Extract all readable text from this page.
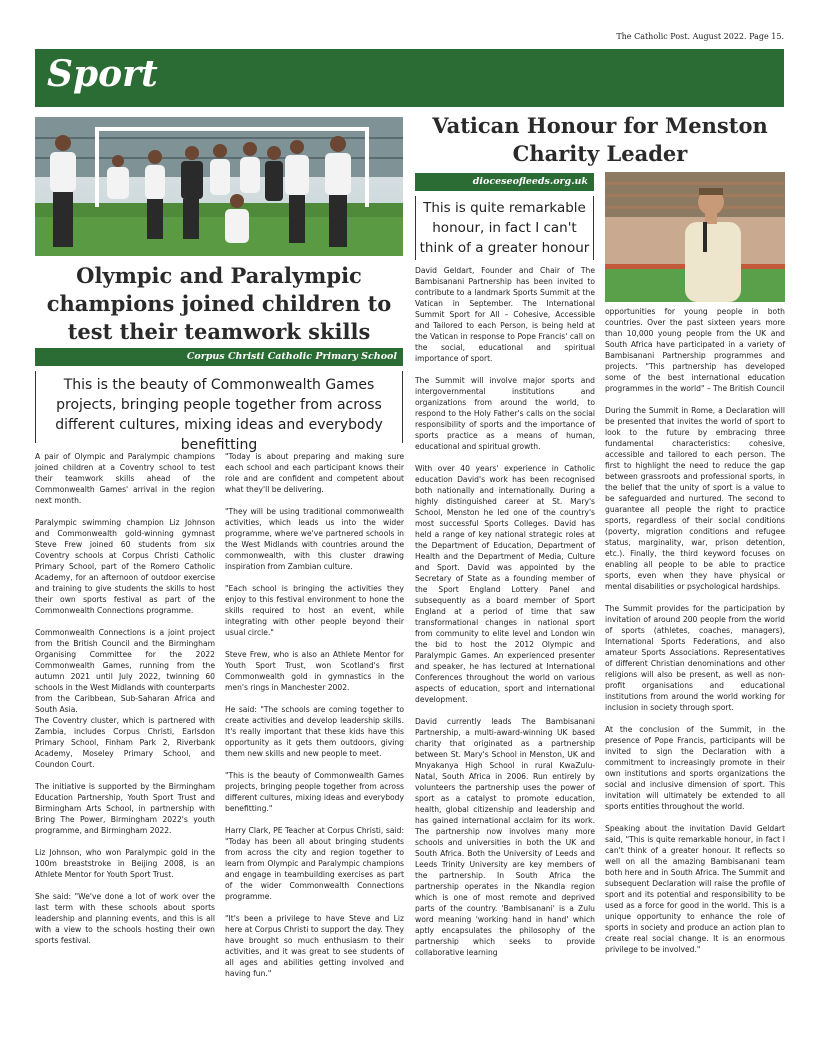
The Catholic Post. August 2022. Page 15.
Sport
Olympic and Paralympic champions joined children to test their teamwork skills
Corpus Christi Catholic Primary School
This is the beauty of Commonwealth Games projects, bringing people together from across different cultures, mixing ideas and everybody benefitting

A pair of Olympic and Paralympic champions joined children at a Coventry school to test their teamwork skills ahead of the Commonwealth Games' arrival in the region next month.

Paralympic swimming champion Liz Johnson and Commonwealth gold-winning gymnast Steve Frew joined 60 students from six Coventry schools at Corpus Christi Catholic Primary School, part of the Romero Catholic Academy, for an afternoon of outdoor exercise and training to give students the skills to host their own sports festival as part of the Commonwealth Connections programme.

Commonwealth Connections is a joint project from the British Council and the Birmingham Organising Committee for the 2022 Commonwealth Games, running from the autumn 2021 until July 2022, twinning 60 schools in the West Midlands with counterparts from the Caribbean, Sub-Saharan Africa and South Asia.

The Coventry cluster, which is partnered with Zambia, includes Corpus Christi, Earlsdon Primary School, Finham Park 2, Riverbank Academy, Moseley Primary School, and Coundon Court.

The initiative is supported by the Birmingham Education Partnership, Youth Sport Trust and Birmingham Arts School, in partnership with Bring The Power, Birmingham 2022's youth programme, and Birmingham 2022.

Liz Johnson, who won Paralympic gold in the 100m breaststroke in Beijing 2008, is an Athlete Mentor for Youth Sport Trust.

She said: "We've done a lot of work over the last term with these schools about sports leadership and planning events, and this is all with a view to the schools hosting their own sports festival.

"Today is about preparing and making sure each school and each participant knows their role and are confident and competent about what they'll be delivering.

"They will be using traditional commonwealth activities, which leads us into the wider programme, where we've partnered schools in the West Midlands with countries around the commonwealth, with this cluster drawing inspiration from Zambian culture.

"Each school is bringing the activities they enjoy to this festival environment to hone the skills required to host an event, while integrating with other people beyond their usual circle."

Steve Frew, who is also an Athlete Mentor for Youth Sport Trust, won Scotland's first Commonwealth gold in gymnastics in the men's rings in Manchester 2002.

He said: "The schools are coming together to create activities and develop leadership skills. It's really important that these kids have this opportunity as it gets them outdoors, giving them new skills and new people to meet.

"This is the beauty of Commonwealth Games projects, bringing people together from across different cultures, mixing ideas and everybody benefitting."

Harry Clark, PE Teacher at Corpus Christi, said: "Today has been all about bringing students from across the city and region together to learn from Olympic and Paralympic champions and engage in teambuilding exercises as part of the wider Commonwealth Connections programme.

"It's been a privilege to have Steve and Liz here at Corpus Christi to support the day. They have brought so much enthusiasm to their activities, and it was great to see students of all ages and abilities getting involved and having fun."

Vatican Honour for Menston Charity Leader
dioceseofleeds.org.uk
This is quite remarkable honour, in fact I can't think of a greater honour

David Geldart, Founder and Chair of The Bambisanani Partnership has been invited to contribute to a landmark Sports Summit at the Vatican in September. The International Summit Sport for All – Cohesive, Accessible and Tailored to each Person, is being held at the Vatican in response to Pope Francis' call on the social, educational and spiritual importance of sport.

The Summit will involve major sports and intergovernmental institutions and organizations from around the world, to respond to the Holy Father's calls on the social responsibility of sports and the importance of sports practice as a means of human, educational and spiritual growth.

With over 40 years' experience in Catholic education David's work has been recognised both nationally and internationally. During a highly distinguished career at St. Mary's School, Menston he led one of the country's most successful Sports Colleges. David has held a range of key national strategic roles at the Department of Education, Department of Health and the Department of Media, Culture and Sport. David was appointed by the Secretary of State as a founding member of the Sport England Lottery Panel and subsequently as a board member of Sport England at a period of time that saw transformational changes in national sport from community to elite level and London win the bid to host the 2012 Olympic and Paralympic Games. An experienced presenter and speaker, he has lectured at International Conferences throughout the world on various aspects of education, sport and international development.

David currently leads The Bambisanani Partnership, a multi-award-winning UK based charity that originated as a partnership between St. Mary's School in Menston, UK and Mnyakanya High School in rural KwaZulu-Natal, South Africa in 2006. Run entirely by volunteers the partnership uses the power of sport as a catalyst to promote education, health, global citizenship and leadership and has gained international acclaim for its work. The partnership now involves many more schools and universities in both the UK and South Africa. Both the University of Leeds and Leeds Trinity University are key members of the partnership. In South Africa the partnership operates in the Nkandla region which is one of most remote and deprived parts of the country. 'Bambisanani' is a Zulu word meaning 'working hand in hand' which aptly encapsulates the philosophy of the partnership which seeks to provide collaborative learning

opportunities for young people in both countries. Over the past sixteen years more than 10,000 young people from the UK and South Africa have participated in a variety of Bambisanani Partnership programmes and projects. "This partnership has developed some of the best international education programmes in the world" – The British Council

During the Summit in Rome, a Declaration will be presented that invites the world of sport to look to the future by embracing three fundamental characteristics: cohesive, accessible and tailored to each person. The first to highlight the need to reduce the gap between grassroots and professional sports, in the belief that the unity of sport is a value to be safeguarded and nurtured. The second to guarantee all people the right to practice sports, regardless of their social conditions (poverty, migration conditions and refugee status, marginality, war, prison detention, etc.). Finally, the third keyword focuses on enabling all people to be able to practice sports, even when they have physical or mental disabilities or psychological hardships.

The Summit provides for the participation by invitation of around 200 people from the world of sports (athletes, coaches, managers), International Sports Federations, and also amateur Sports Associations. Representatives of different Christian denominations and other religions will also be present, as well as non-profit organisations and educational institutions from around the world working for inclusion in society through sport.

At the conclusion of the Summit, in the presence of Pope Francis, participants will be invited to sign the Declaration with a commitment to increasingly promote in their own institutions and sports organizations the social and inclusive dimension of sport. This invitation will ultimately be extended to all sports entities throughout the world.

Speaking about the invitation David Geldart said, "This is quite remarkable honour, in fact I can't think of a greater honour. It reflects so well on all the amazing Bambisanani team both here and in South Africa. The Summit and subsequent Declaration will raise the profile of sport and its potential and responsibility to be used as a force for good in the world. This is a unique opportunity to enhance the role of sports in society and produce an action plan to create real social change. It is an enormous privilege to be involved."
